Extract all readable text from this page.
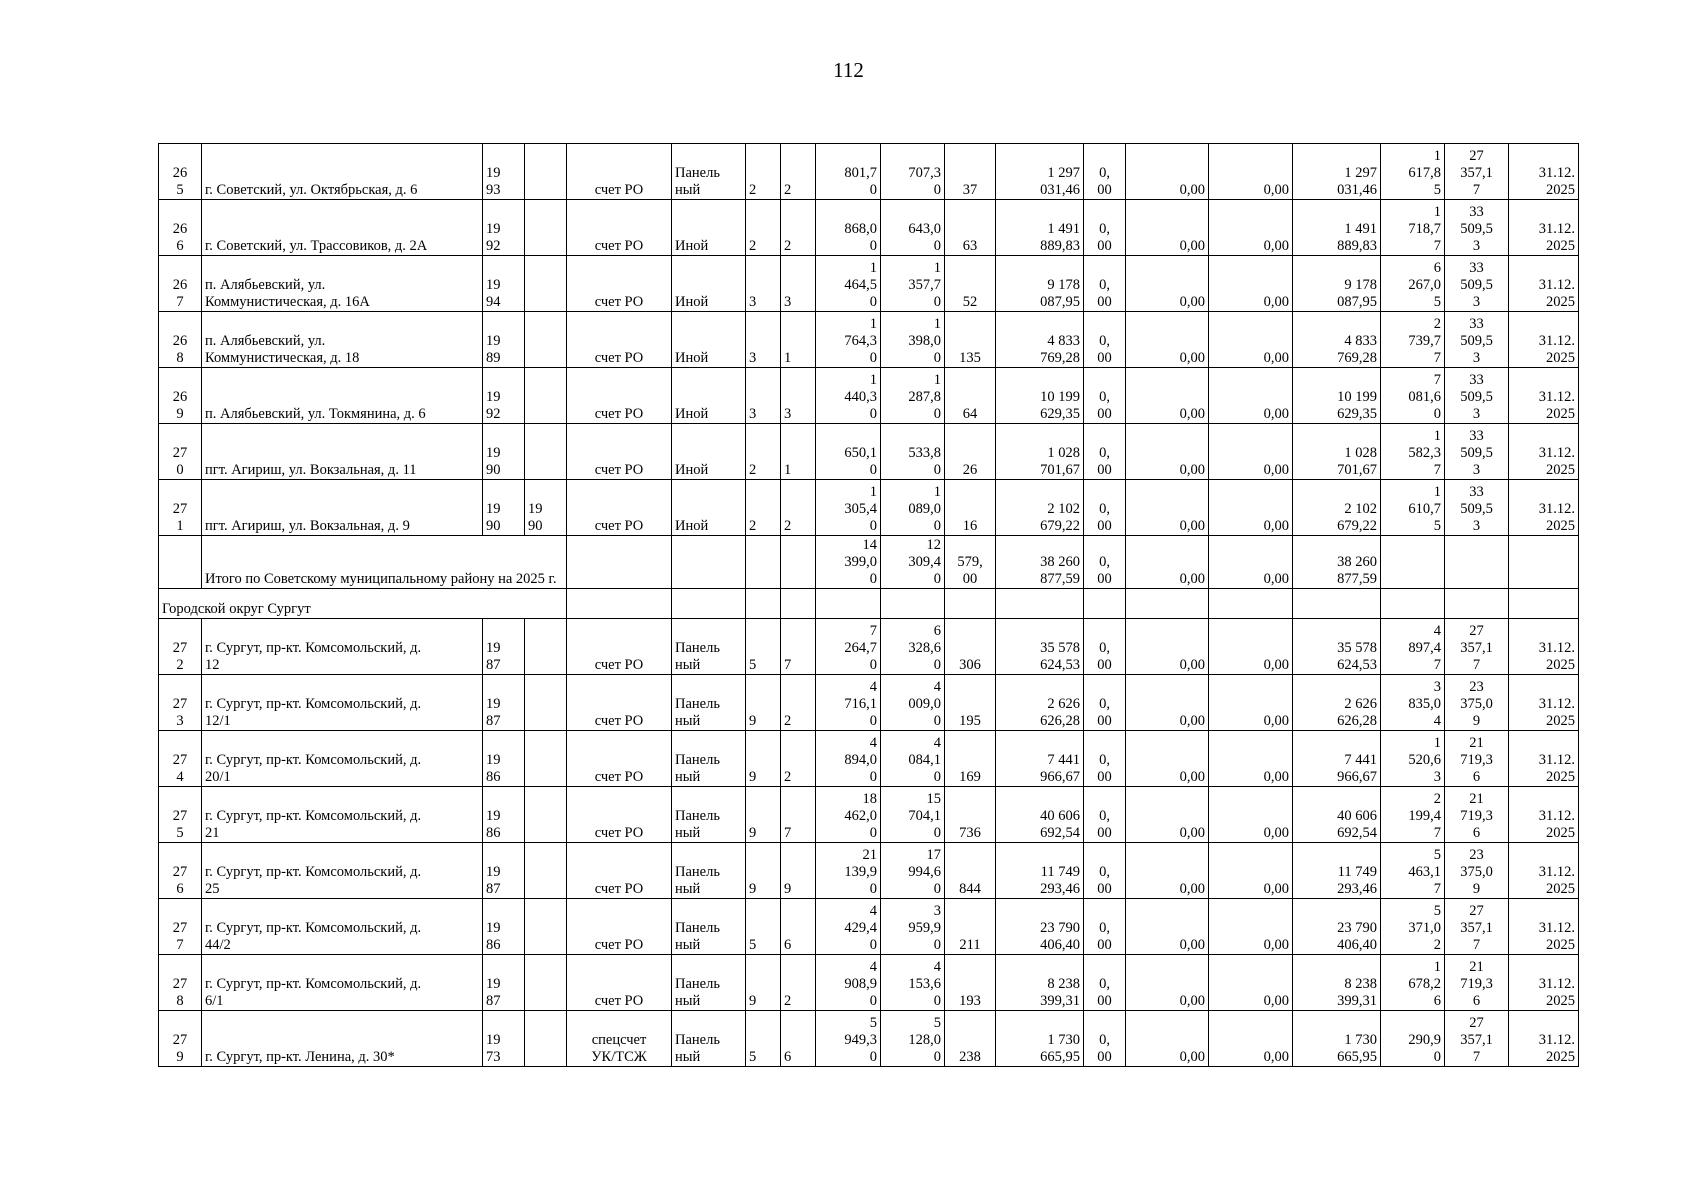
112
26
5	г. Советский, ул. Октябрьская, д. 6	19
93		счет РО	Панель
ный	2	2	801,7
0	707,3
0	37	1 297
031,46	0,
00	0,00	0,00	1 297
031,46	1
617,8
5	27
357,1
7	31.12.
2025
26
6	г. Советский, ул. Трассовиков, д. 2А	19
92		счет РО	Иной	2	2	868,0
0	643,0
0	63	1 491
889,83	0,
00	0,00	0,00	1 491
889,83	1
718,7
7	33
509,5
3	31.12.
2025
26
7	п. Алябьевский, ул.
Коммунистическая, д. 16А	19
94		счет РО	Иной	3	3	1
464,5
0	1
357,7
0	52	9 178
087,95	0,
00	0,00	0,00	9 178
087,95	6
267,0
5	33
509,5
3	31.12.
2025
26
8	п. Алябьевский, ул.
Коммунистическая, д. 18	19
89		счет РО	Иной	3	1	1
764,3
0	1
398,0
0	135	4 833
769,28	0,
00	0,00	0,00	4 833
769,28	2
739,7
7	33
509,5
3	31.12.
2025
26
9	п. Алябьевский, ул. Токмянина, д. 6	19
92		счет РО	Иной	3	3	1
440,3
0	1
287,8
0	64	10 199
629,35	0,
00	0,00	0,00	10 199
629,35	7
081,6
0	33
509,5
3	31.12.
2025
27
0	пгт. Агириш, ул. Вокзальная, д. 11	19
90		счет РО	Иной	2	1	650,1
0	533,8
0	26	1 028
701,67	0,
00	0,00	0,00	1 028
701,67	1
582,3
7	33
509,5
3	31.12.
2025
27
1	пгт. Агириш, ул. Вокзальная, д. 9	19
90	19
90	счет РО	Иной	2	2	1
305,4
0	1
089,0
0	16	2 102
679,22	0,
00	0,00	0,00	2 102
679,22	1
610,7
5	33
509,5
3	31.12.
2025
	Итого по Советскому муниципальному району на 2025 г.							14
399,0
0	12
309,4
0	579,
00	38 260
877,59	0,
00	0,00	0,00	38 260
877,59			
Городской округ Сургут																		
27
2	г. Сургут, пр-кт. Комсомольский, д.
12	19
87		счет РО	Панель
ный	5	7	7
264,7
0	6
328,6
0	306	35 578
624,53	0,
00	0,00	0,00	35 578
624,53	4
897,4
7	27
357,1
7	31.12.
2025
27
3	г. Сургут, пр-кт. Комсомольский, д.
12/1	19
87		счет РО	Панель
ный	9	2	4
716,1
0	4
009,0
0	195	2 626
626,28	0,
00	0,00	0,00	2 626
626,28	3
835,0
4	23
375,0
9	31.12.
2025
27
4	г. Сургут, пр-кт. Комсомольский, д.
20/1	19
86		счет РО	Панель
ный	9	2	4
894,0
0	4
084,1
0	169	7 441
966,67	0,
00	0,00	0,00	7 441
966,67	1
520,6
3	21
719,3
6	31.12.
2025
27
5	г. Сургут, пр-кт. Комсомольский, д.
21	19
86		счет РО	Панель
ный	9	7	18
462,0
0	15
704,1
0	736	40 606
692,54	0,
00	0,00	0,00	40 606
692,54	2
199,4
7	21
719,3
6	31.12.
2025
27
6	г. Сургут, пр-кт. Комсомольский, д.
25	19
87		счет РО	Панель
ный	9	9	21
139,9
0	17
994,6
0	844	11 749
293,46	0,
00	0,00	0,00	11 749
293,46	5
463,1
7	23
375,0
9	31.12.
2025
27
7	г. Сургут, пр-кт. Комсомольский, д.
44/2	19
86		счет РО	Панель
ный	5	6	4
429,4
0	3
959,9
0	211	23 790
406,40	0,
00	0,00	0,00	23 790
406,40	5
371,0
2	27
357,1
7	31.12.
2025
27
8	г. Сургут, пр-кт. Комсомольский, д.
6/1	19
87		счет РО	Панель
ный	9	2	4
908,9
0	4
153,6
0	193	8 238
399,31	0,
00	0,00	0,00	8 238
399,31	1
678,2
6	21
719,3
6	31.12.
2025
27
9	г. Сургут, пр-кт. Ленина, д. 30*	19
73		спецсчет
УК/ТСЖ	Панель
ный	5	6	5
949,3
0	5
128,0
0	238	1 730
665,95	0,
00	0,00	0,00	1 730
665,95	290,9
0	27
357,1
7	31.12.
2025
